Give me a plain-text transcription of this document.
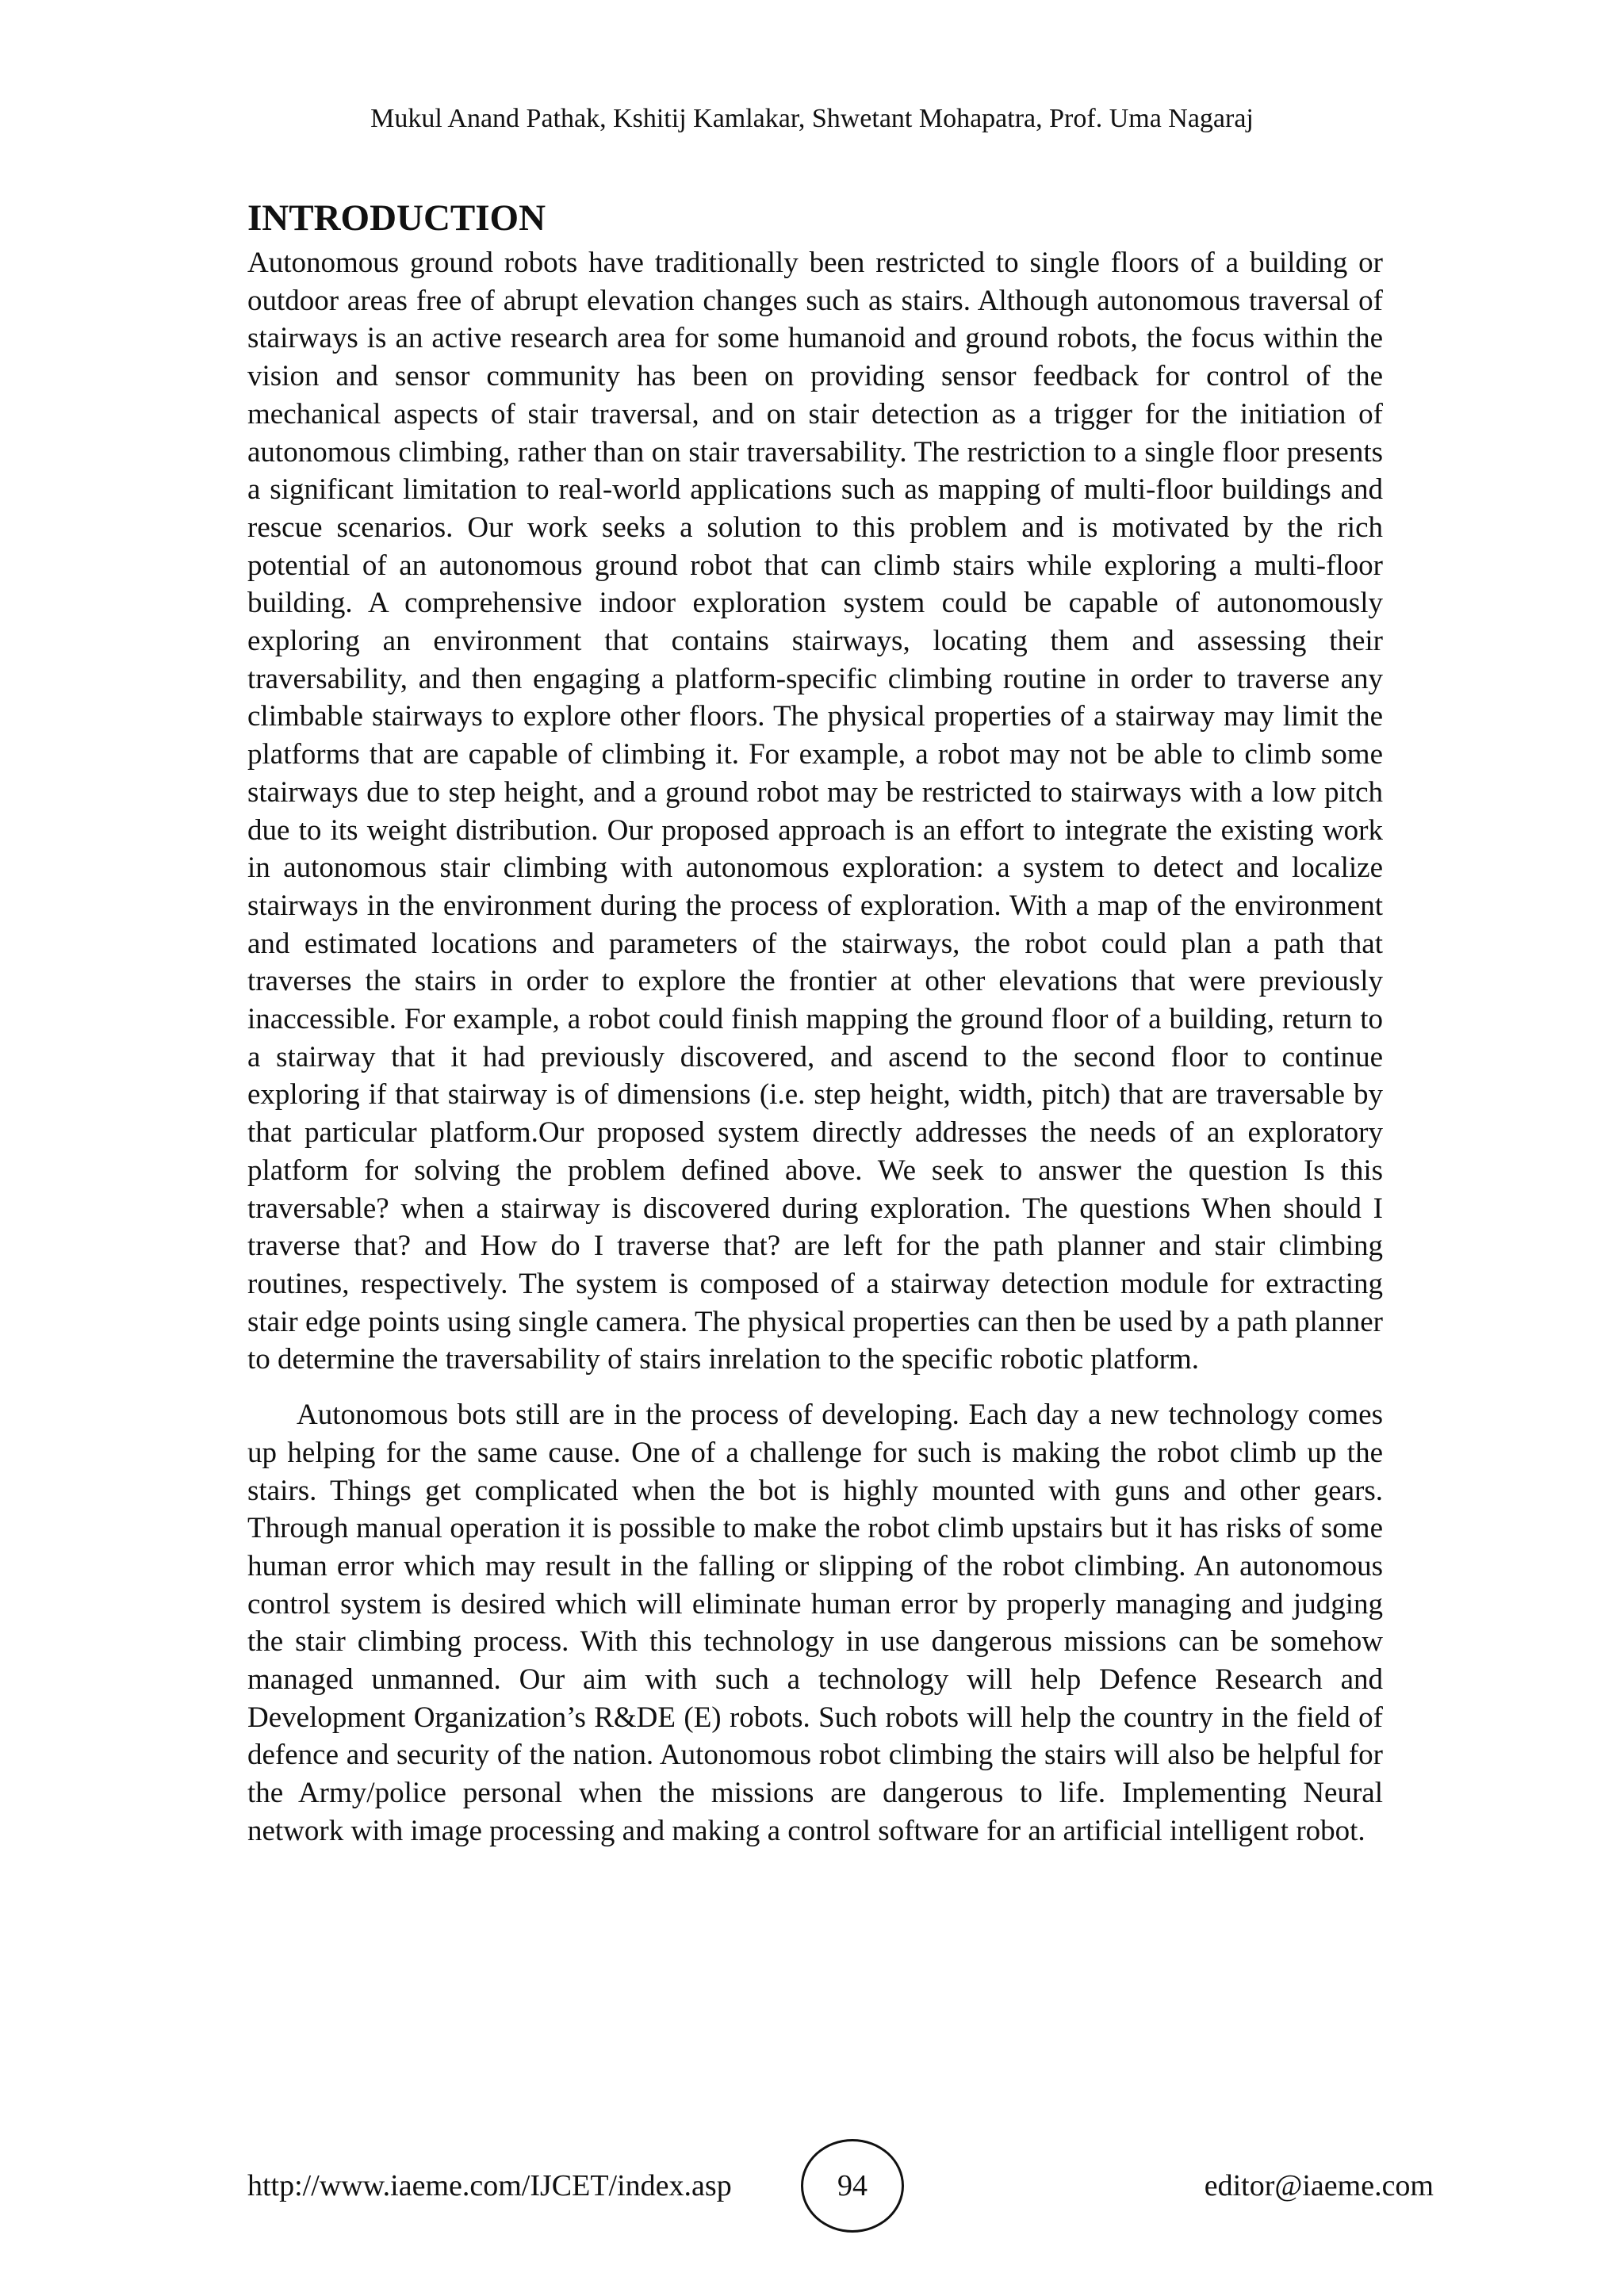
Mukul Anand Pathak, Kshitij Kamlakar, Shwetant Mohapatra, Prof. Uma Nagaraj
INTRODUCTION

Autonomous ground robots have traditionally been restricted to single floors of a building or outdoor areas free of abrupt elevation changes such as stairs. Although autonomous traversal of stairways is an active research area for some humanoid and ground robots, the focus within the vision and sensor community has been on providing sensor feedback for control of the mechanical aspects of stair traversal, and on stair detection as a trigger for the initiation of autonomous climbing, rather than on stair traversability. The restriction to a single floor presents a significant limitation to real-world applications such as mapping of multi-floor buildings and rescue scenarios. Our work seeks a solution to this problem and is motivated by the rich potential of an autonomous ground robot that can climb stairs while exploring a multi-floor building. A comprehensive indoor exploration system could be capable of autonomously exploring an environment that contains stairways, locating them and assessing their traversability, and then engaging a platform-specific climbing routine in order to traverse any climbable stairways to explore other floors. The physical properties of a stairway may limit the platforms that are capable of climbing it. For example, a robot may not be able to climb some stairways due to step height, and a ground robot may be restricted to stairways with a low pitch due to its weight distribution. Our proposed approach is an effort to integrate the existing work in autonomous stair climbing with autonomous exploration: a system to detect and localize stairways in the environment during the process of exploration. With a map of the environment and estimated locations and parameters of the stairways, the robot could plan a path that traverses the stairs in order to explore the frontier at other elevations that were previously inaccessible. For example, a robot could finish mapping the ground floor of a building, return to a stairway that it had previously discovered, and ascend to the second floor to continue exploring if that stairway is of dimensions (i.e. step height, width, pitch) that are traversable by that particular platform.Our proposed system directly addresses the needs of an exploratory platform for solving the problem defined above. We seek to answer the question Is this traversable? when a stairway is discovered during exploration. The questions When should I traverse that? and How do I traverse that? are left for the path planner and stair climbing routines, respectively. The system is composed of a stairway detection module for extracting stair edge points using single camera. The physical properties can then be used by a path planner to determine the traversability of stairs inrelation to the specific robotic platform.

Autonomous bots still are in the process of developing. Each day a new technology comes up helping for the same cause. One of a challenge for such is making the robot climb up the stairs. Things get complicated when the bot is highly mounted with guns and other gears. Through manual operation it is possible to make the robot climb upstairs but it has risks of some human error which may result in the falling or slipping of the robot climbing. An autonomous control system is desired which will eliminate human error by properly managing and judging the stair climbing process. With this technology in use dangerous missions can be somehow managed unmanned. Our aim with such a technology will help Defence Research and Development Organization’s R&DE (E) robots. Such robots will help the country in the field of defence and security of the nation. Autonomous robot climbing the stairs will also be helpful for the Army/police personal when the missions are dangerous to life. Implementing Neural network with image processing and making a control software for an artificial intelligent robot.

http://www.iaeme.com/IJCET/index.asp	94	editor@iaeme.com
